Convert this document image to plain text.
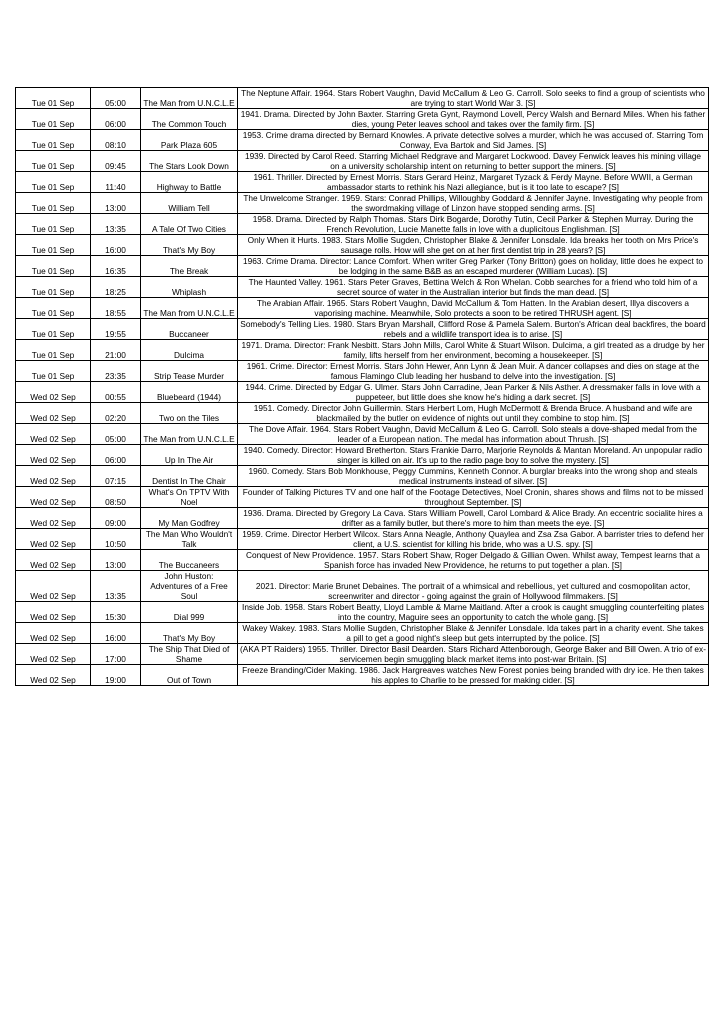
Tue 01 Sep	05:00	The Man from U.N.C.L.E	The Neptune Affair. 1964. Stars Robert Vaughn, David McCallum & Leo G. Carroll. Solo seeks to find a group of scientists who are trying to start World War 3. [S]
Tue 01 Sep	06:00	The Common Touch	1941. Drama. Directed by John Baxter. Starring Greta Gynt, Raymond Lovell, Percy Walsh and Bernard Miles. When his father dies, young Peter leaves school and takes over the family firm. [S]
Tue 01 Sep	08:10	Park Plaza 605	1953. Crime drama directed by Bernard Knowles. A private detective solves a murder, which he was accused of. Starring Tom Conway, Eva Bartok and Sid James. [S]
Tue 01 Sep	09:45	The Stars Look Down	1939. Directed by Carol Reed. Starring Michael Redgrave and Margaret Lockwood. Davey Fenwick leaves his mining village on a university scholarship intent on returning to better support the miners. [S]
Tue 01 Sep	11:40	Highway to Battle	1961. Thriller. Directed by Ernest Morris. Stars Gerard Heinz, Margaret Tyzack & Ferdy Mayne. Before WWII, a German ambassador starts to rethink his Nazi allegiance, but is it too late to escape? [S]
Tue 01 Sep	13:00	William Tell	The Unwelcome Stranger. 1959. Stars: Conrad Phillips, Willoughby Goddard & Jennifer Jayne. Investigating why people from the swordmaking village of Linzon have stopped sending arms. [S]
Tue 01 Sep	13:35	A Tale Of Two Cities	1958. Drama. Directed by Ralph Thomas. Stars Dirk Bogarde, Dorothy Tutin, Cecil Parker & Stephen Murray. During the French Revolution, Lucie Manette falls in love with a duplicitous Englishman. [S]
Tue 01 Sep	16:00	That's My Boy	Only When it Hurts. 1983. Stars Mollie Sugden, Christopher Blake & Jennifer Lonsdale. Ida breaks her tooth on Mrs Price's sausage rolls. How will she get on at her first dentist trip in 28 years? [S]
Tue 01 Sep	16:35	The Break	1963. Crime Drama. Director: Lance Comfort. When writer Greg Parker (Tony Britton) goes on holiday, little does he expect to be lodging in the same B&B as an escaped murderer (William Lucas). [S]
Tue 01 Sep	18:25	Whiplash	The Haunted Valley. 1961. Stars Peter Graves, Bettina Welch & Ron Whelan. Cobb searches for a friend who told him of a secret source of water in the Australian interior but finds the man dead. [S]
Tue 01 Sep	18:55	The Man from U.N.C.L.E	The Arabian Affair. 1965. Stars Robert Vaughn, David McCallum & Tom Hatten. In the Arabian desert, Illya discovers a vaporising machine. Meanwhile, Solo protects a soon to be retired THRUSH agent. [S]
Tue 01 Sep	19:55	Buccaneer	Somebody's Telling Lies. 1980. Stars Bryan Marshall, Clifford Rose & Pamela Salem. Burton's African deal backfires, the board rebels and a wildlife transport idea is to arise. [S]
Tue 01 Sep	21:00	Dulcima	1971. Drama. Director: Frank Nesbitt. Stars John Mills, Carol White & Stuart Wilson. Dulcima, a girl treated as a drudge by her family, lifts herself from her environment, becoming a housekeeper. [S]
Tue 01 Sep	23:35	Strip Tease Murder	1961. Crime. Director: Ernest Morris. Stars John Hewer, Ann Lynn & Jean Muir. A dancer collapses and dies on stage at the famous Flamingo Club leading her husband to delve into the investigation. [S]
Wed 02 Sep	00:55	Bluebeard (1944)	1944. Crime. Directed by Edgar G. Ulmer. Stars John Carradine, Jean Parker & Nils Asther. A dressmaker falls in love with a puppeteer, but little does she know he's hiding a dark secret. [S]
Wed 02 Sep	02:20	Two on the Tiles	1951. Comedy. Director John Guillermin. Stars Herbert Lom, Hugh McDermott & Brenda Bruce. A husband and wife are blackmailed by the butler on evidence of nights out until they combine to stop him. [S]
Wed 02 Sep	05:00	The Man from U.N.C.L.E	The Dove Affair. 1964. Stars Robert Vaughn, David McCallum & Leo G. Carroll. Solo steals a dove-shaped medal from the leader of a European nation. The medal has information about Thrush. [S]
Wed 02 Sep	06:00	Up In The Air	1940. Comedy. Director: Howard Bretherton. Stars Frankie Darro, Marjorie Reynolds & Mantan Moreland. An unpopular radio singer is killed on air. It's up to the radio page boy to solve the mystery. [S]
Wed 02 Sep	07:15	Dentist In The Chair	1960. Comedy. Stars Bob Monkhouse, Peggy Cummins, Kenneth Connor. A burglar breaks into the wrong shop and steals medical instruments instead of silver. [S]
Wed 02 Sep	08:50	What's On TPTV With Noel	Founder of Talking Pictures TV and one half of the Footage Detectives, Noel Cronin, shares shows and films not to be missed throughout September. [S]
Wed 02 Sep	09:00	My Man Godfrey	1936. Drama. Directed by Gregory La Cava. Stars William Powell, Carol Lombard & Alice Brady. An eccentric socialite hires a drifter as a family butler, but there's more to him than meets the eye. [S]
Wed 02 Sep	10:50	The Man Who Wouldn't Talk	1959. Crime. Director Herbert Wilcox. Stars Anna Neagle, Anthony Quaylea and Zsa Zsa Gabor. A barrister tries to defend her client, a U.S. scientist for killing his bride, who was a U.S. spy. [S]
Wed 02 Sep	13:00	The Buccaneers	Conquest of New Providence. 1957. Stars Robert Shaw, Roger Delgado & Gillian Owen. Whilst away, Tempest learns that a Spanish force has invaded New Providence, he returns to put together a plan. [S]
Wed 02 Sep	13:35	John Huston: Adventures of a Free Soul	2021. Director: Marie Brunet Debaines. The portrait of a whimsical and rebellious, yet cultured and cosmopolitan actor, screenwriter and director - going against the grain of Hollywood filmmakers. [S]
Wed 02 Sep	15:30	Dial 999	Inside Job. 1958. Stars Robert Beatty, Lloyd Lamble & Marne Maitland. After a crook is caught smuggling counterfeiting plates into the country, Maguire sees an opportunity to catch the whole gang. [S]
Wed 02 Sep	16:00	That's My Boy	Wakey Wakey. 1983. Stars Mollie Sugden, Christopher Blake & Jennifer Lonsdale. Ida takes part in a charity event. She takes a pill to get a good night's sleep but gets interrupted by the police. [S]
Wed 02 Sep	17:00	The Ship That Died of Shame	(AKA PT Raiders) 1955. Thriller. Director Basil Dearden. Stars Richard Attenborough, George Baker and Bill Owen. A trio of ex-servicemen begin smuggling black market items into post-war Britain. [S]
Wed 02 Sep	19:00	Out of Town	Freeze Branding/Cider Making. 1986. Jack Hargreaves watches New Forest ponies being branded with dry ice. He then takes his apples to Charlie to be pressed for making cider. [S]
